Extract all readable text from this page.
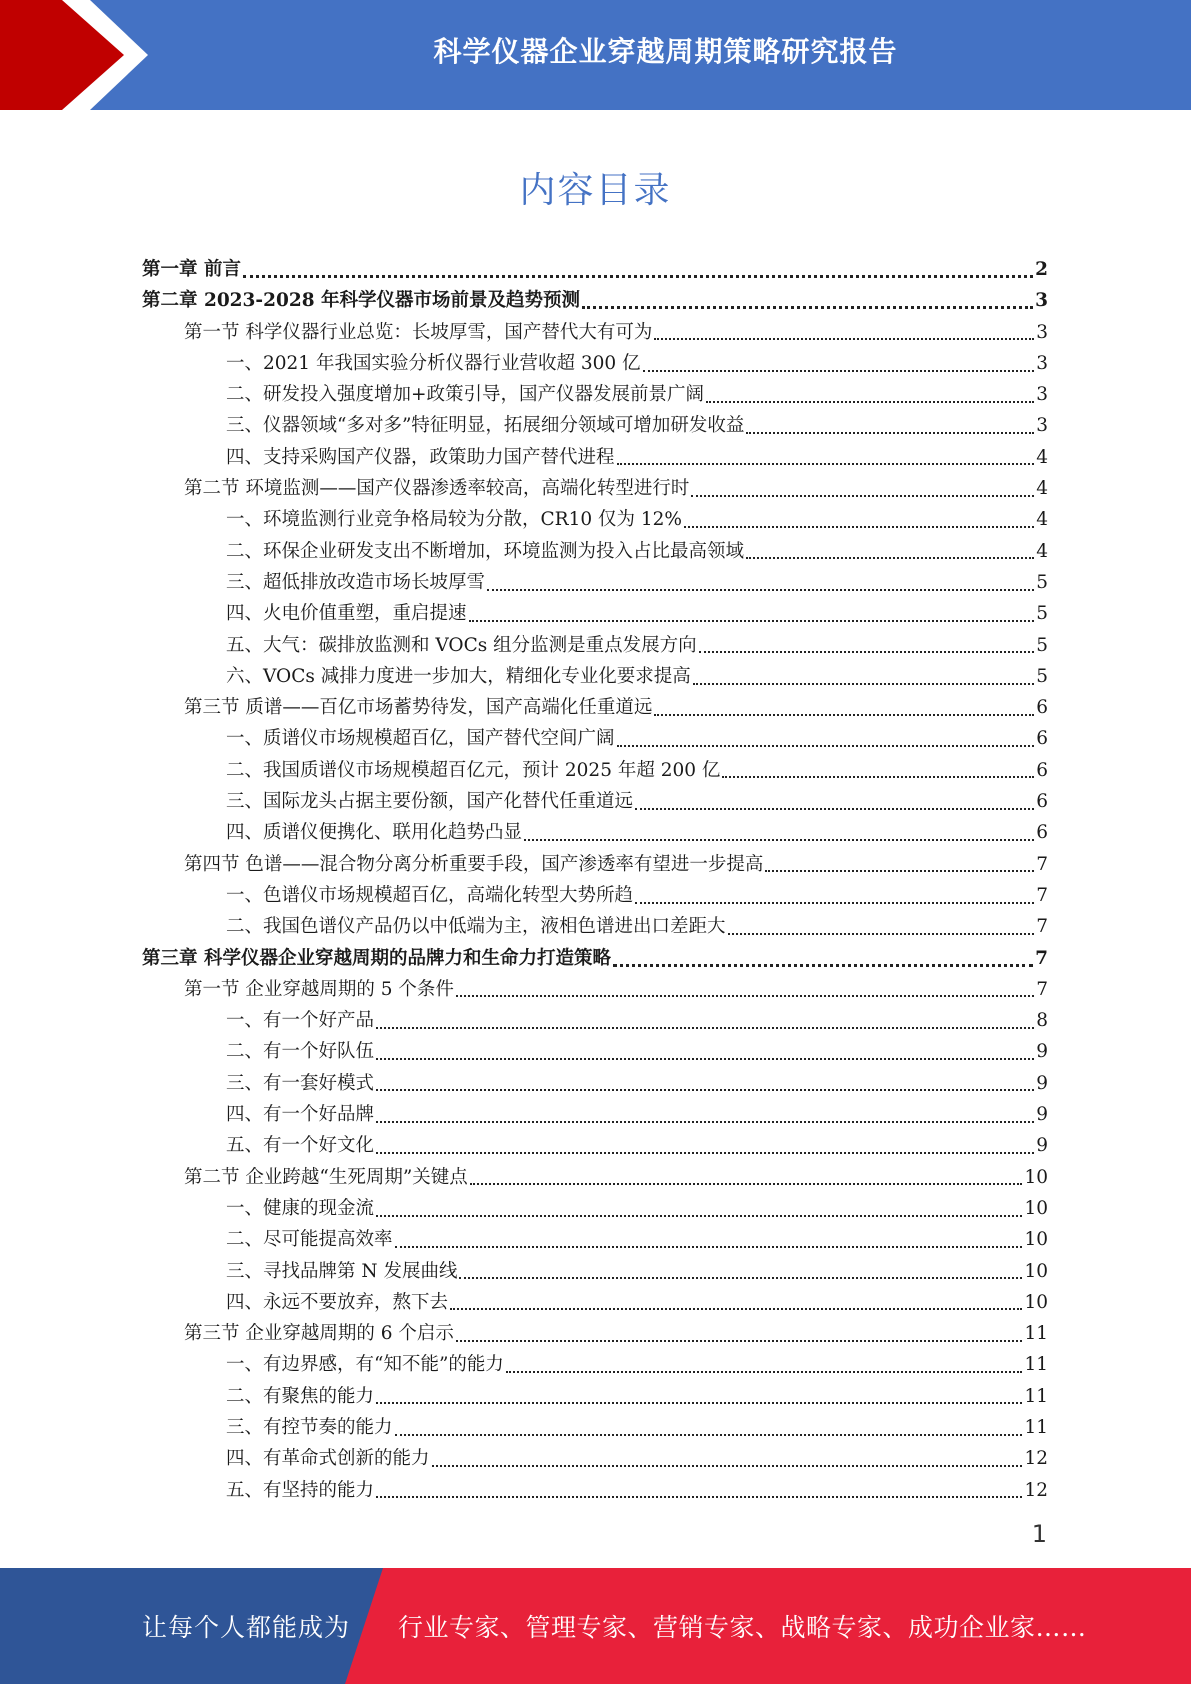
科学仪器企业穿越周期策略研究报告
内容目录
第一章 前言	2
第二章 2023-2028 年科学仪器市场前景及趋势预测	3
第一节 科学仪器行业总览：长坡厚雪，国产替代大有可为	3
一、2021 年我国实验分析仪器行业营收超 300 亿	3
二、研发投入强度增加+政策引导，国产仪器发展前景广阔	3
三、仪器领域“多对多”特征明显，拓展细分领域可增加研发收益	3
四、支持采购国产仪器，政策助力国产替代进程	4
第二节 环境监测——国产仪器渗透率较高，高端化转型进行时	4
一、环境监测行业竞争格局较为分散，CR10 仅为 12%	4
二、环保企业研发支出不断增加，环境监测为投入占比最高领域	4
三、超低排放改造市场长坡厚雪	5
四、火电价值重塑，重启提速	5
五、大气：碳排放监测和 VOCs 组分监测是重点发展方向	5
六、VOCs 减排力度进一步加大，精细化专业化要求提高	5
第三节 质谱——百亿市场蓄势待发，国产高端化任重道远	6
一、质谱仪市场规模超百亿，国产替代空间广阔	6
二、我国质谱仪市场规模超百亿元，预计 2025 年超 200 亿	6
三、国际龙头占据主要份额，国产化替代任重道远	6
四、质谱仪便携化、联用化趋势凸显	6
第四节 色谱——混合物分离分析重要手段，国产渗透率有望进一步提高	7
一、色谱仪市场规模超百亿，高端化转型大势所趋	7
二、我国色谱仪产品仍以中低端为主，液相色谱进出口差距大	7
第三章 科学仪器企业穿越周期的品牌力和生命力打造策略	7
第一节 企业穿越周期的 5 个条件	7
一、有一个好产品	8
二、有一个好队伍	9
三、有一套好模式	9
四、有一个好品牌	9
五、有一个好文化	9
第二节 企业跨越“生死周期”关键点	10
一、健康的现金流	10
二、尽可能提高效率	10
三、寻找品牌第 N 发展曲线	10
四、永远不要放弃，熬下去	10
第三节 企业穿越周期的 6 个启示	11
一、有边界感，有“知不能”的能力	11
二、有聚焦的能力	11
三、有控节奏的能力	11
四、有革命式创新的能力	12
五、有坚持的能力	12
1
让每个人都能成为 行业专家、管理专家、营销专家、战略专家、成功企业家……
